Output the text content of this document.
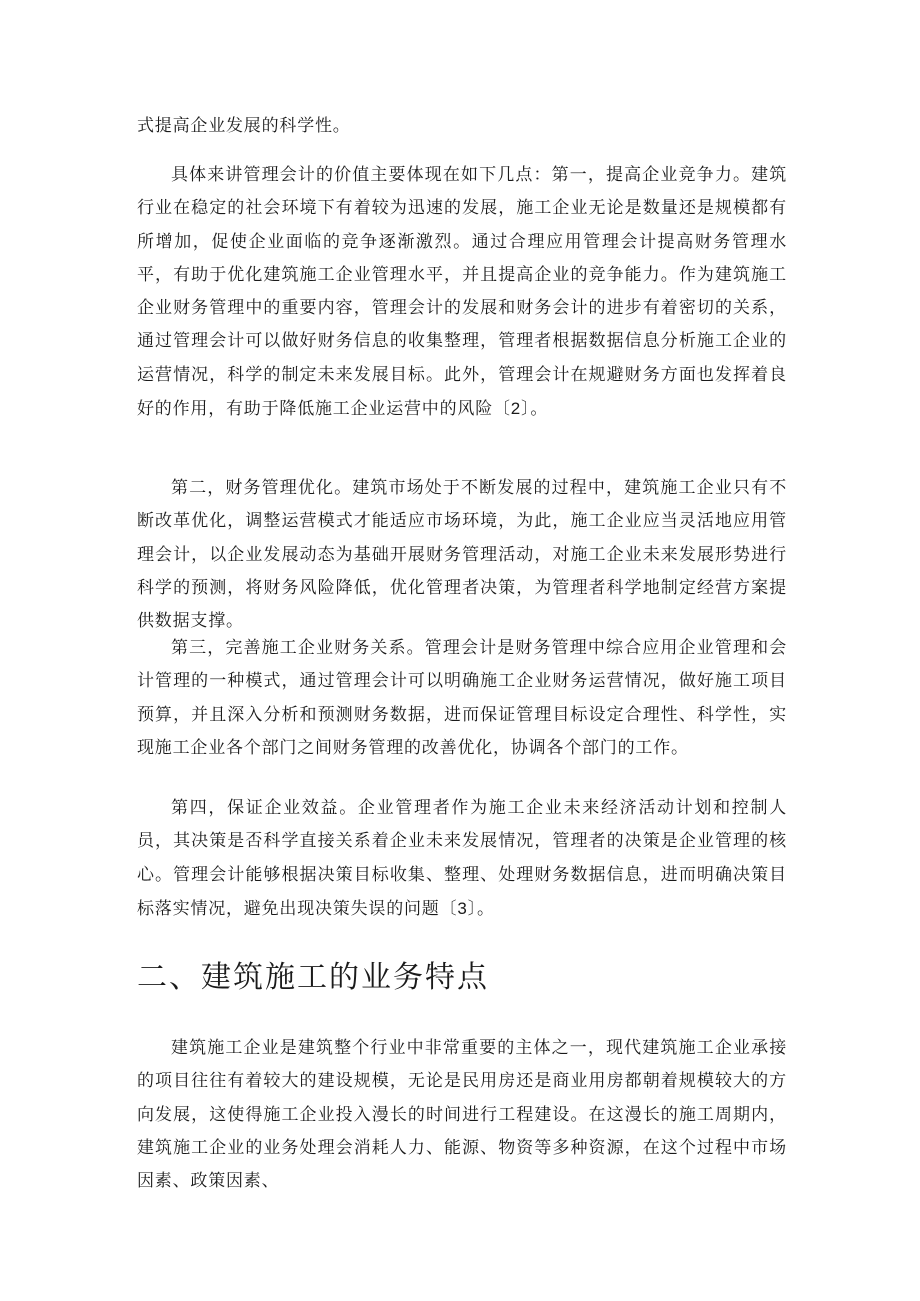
式提高企业发展的科学性。

具体来讲管理会计的价值主要体现在如下几点：第一，提高企业竞争力。建筑行业在稳定的社会环境下有着较为迅速的发展，施工企业无论是数量还是规模都有所增加，促使企业面临的竞争逐渐激烈。通过合理应用管理会计提高财务管理水平，有助于优化建筑施工企业管理水平，并且提高企业的竞争能力。作为建筑施工企业财务管理中的重要内容，管理会计的发展和财务会计的进步有着密切的关系，通过管理会计可以做好财务信息的收集整理，管理者根据数据信息分析施工企业的运营情况，科学的制定未来发展目标。此外，管理会计在规避财务方面也发挥着良好的作用，有助于降低施工企业运营中的风险〔2〕。

第二，财务管理优化。建筑市场处于不断发展的过程中，建筑施工企业只有不断改革优化，调整运营模式才能适应市场环境，为此，施工企业应当灵活地应用管理会计，以企业发展动态为基础开展财务管理活动，对施工企业未来发展形势进行科学的预测，将财务风险降低，优化管理者决策，为管理者科学地制定经营方案提供数据支撑。

第三，完善施工企业财务关系。管理会计是财务管理中综合应用企业管理和会计管理的一种模式，通过管理会计可以明确施工企业财务运营情况，做好施工项目预算，并且深入分析和预测财务数据，进而保证管理目标设定合理性、科学性，实现施工企业各个部门之间财务管理的改善优化，协调各个部门的工作。

第四，保证企业效益。企业管理者作为施工企业未来经济活动计划和控制人员，其决策是否科学直接关系着企业未来发展情况，管理者的决策是企业管理的核心。管理会计能够根据决策目标收集、整理、处理财务数据信息，进而明确决策目标落实情况，避免出现决策失误的问题〔3〕。

二、建筑施工的业务特点

建筑施工企业是建筑整个行业中非常重要的主体之一，现代建筑施工企业承接的项目往往有着较大的建设规模，无论是民用房还是商业用房都朝着规模较大的方向发展，这使得施工企业投入漫长的时间进行工程建设。在这漫长的施工周期内，建筑施工企业的业务处理会消耗人力、能源、物资等多种资源，在这个过程中市场因素、政策因素、
